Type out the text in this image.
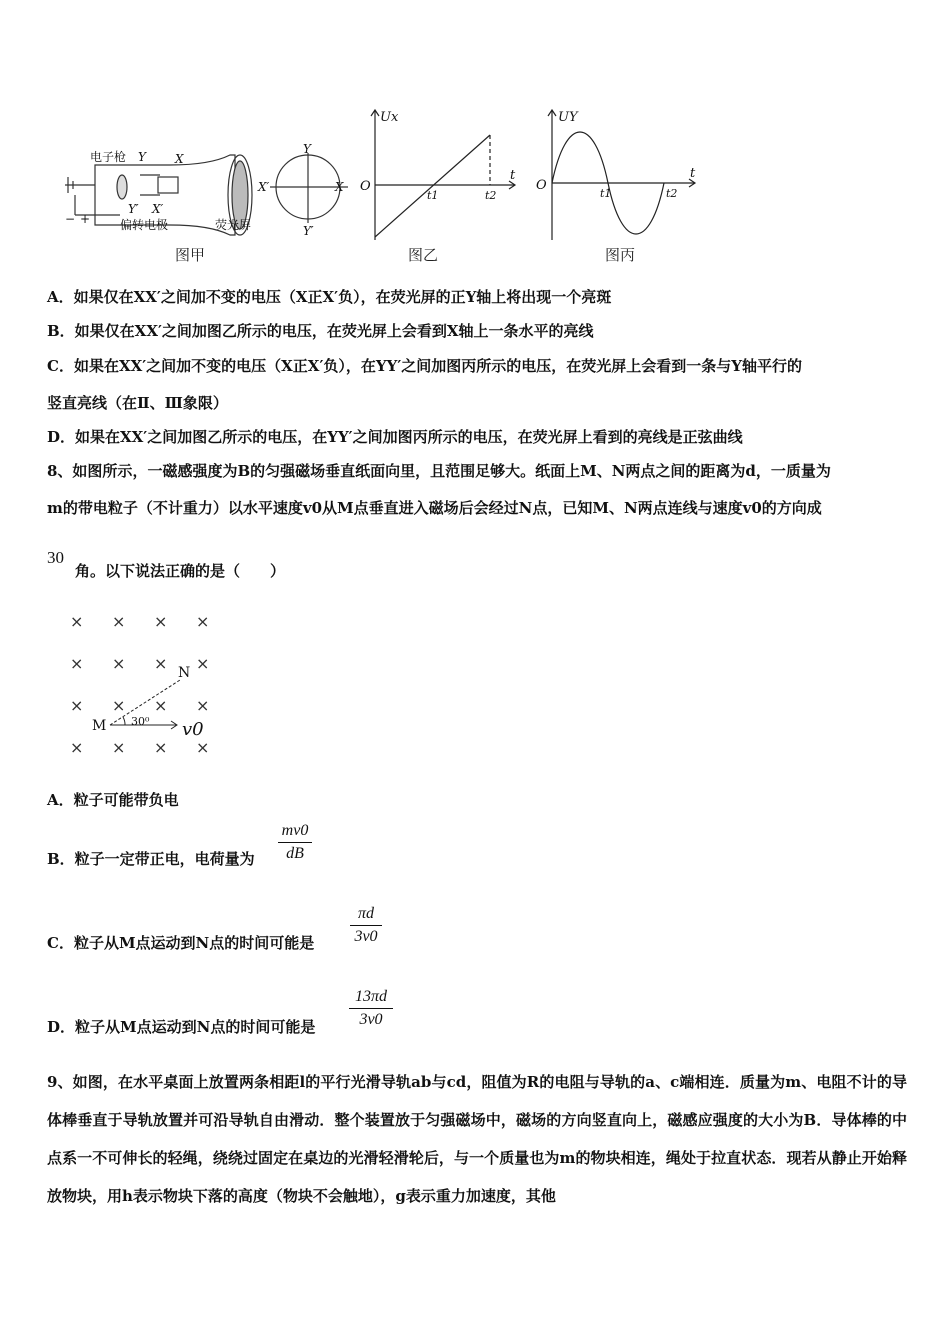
电子枪 Y X
Y′ X′
偏转电极	荧光屏
X′	X
Y
Y′
− +
图甲
Ux
O
t
t1	t2
图乙
UY
O
t
t1	t2
图丙
A．如果仅在XX′之间加不变的电压（X正X′负），在荧光屏的正Y轴上将出现一个亮斑
B．如果仅在XX′之间加图乙所示的电压，在荧光屏上会看到X轴上一条水平的亮线
C．如果在XX′之间加不变的电压（X正X′负），在YY′之间加图丙所示的电压，在荧光屏上会看到一条与Y轴平行的
竖直亮线（在Ⅱ、Ⅲ象限）
D．如果在XX′之间加图乙所示的电压，在YY′之间加图丙所示的电压，在荧光屏上看到的亮线是正弦曲线
8、如图所示，一磁感强度为B的匀强磁场垂直纸面向里，且范围足够大。纸面上M、N两点之间的距离为d，一质量为
m的带电粒子（不计重力）以水平速度v0从M点垂直进入磁场后会经过N点，已知M、N两点连线与速度v0的方向成
30
角。以下说法正确的是（　　）
× × × ×
× × × ×
× × × ×
× × × ×
N
M 30⁰ v0
A．粒子可能带负电
B．粒子一定带正电，电荷量为
mv0
dB
C．粒子从M点运动到N点的时间可能是
πd
3v0
D．粒子从M点运动到N点的时间可能是
13πd
3v0
9、如图，在水平桌面上放置两条相距l的平行光滑导轨ab与cd，阻值为R的电阻与导轨的a、c端相连．质量为m、电阻不计的导体棒垂直于导轨放置并可沿导轨自由滑动．整个装置放于匀强磁场中，磁场的方向竖直向上，磁感应强度的大小为B．导体棒的中点系一不可伸长的轻绳，绕绕过固定在桌边的光滑轻滑轮后，与一个质量也为m的物块相连，绳处于拉直状态．现若从静止开始释放物块，用h表示物块下落的高度（物块不会触地），g表示重力加速度，其他
